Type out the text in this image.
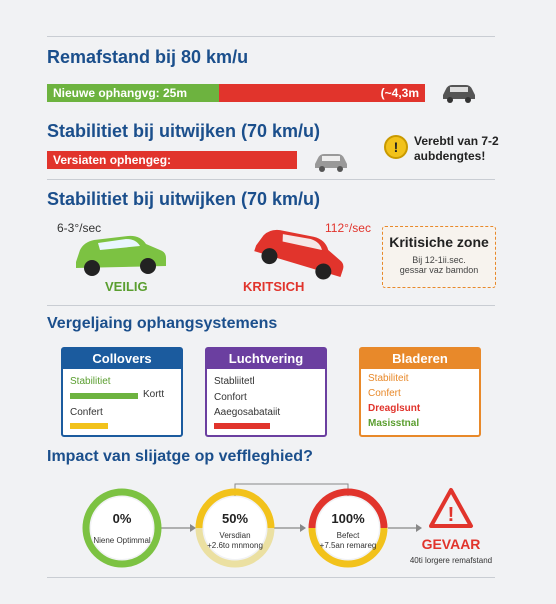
Remafstand bij 80 km/u
Nieuwe ophangvg: 25m	(~4,3m
Stabilitiet bij uitwijken (70 km/u)
Versiaten ophengeg:
!	Verebtl van 7-2
aubdengtes!
Stabilitiet bij uitwijken (70 km/u)
6-3°/sec
VEILIG
112°/sec
KRITSICH
Kritisiche zone
Bij 12-1ii.sec.
gessar vaz bamdon
Vergeljaing ophangsystemens
Collovers
Stabilitiet
Kortt
Confert
Luchtvering
Stabliitetl
Confort
Aaegosabataiit
Bladeren
Stabiliteit
Confert
Dreaglsunt
Masisstnal
Impact van slijatge op veffleghied?
!
0%
Niene Optimmal
50%
Versdian
+2.6to mnmong
100%
Befect
+7.5an remareg	GEVAAR
40ti lorgere remafstand
